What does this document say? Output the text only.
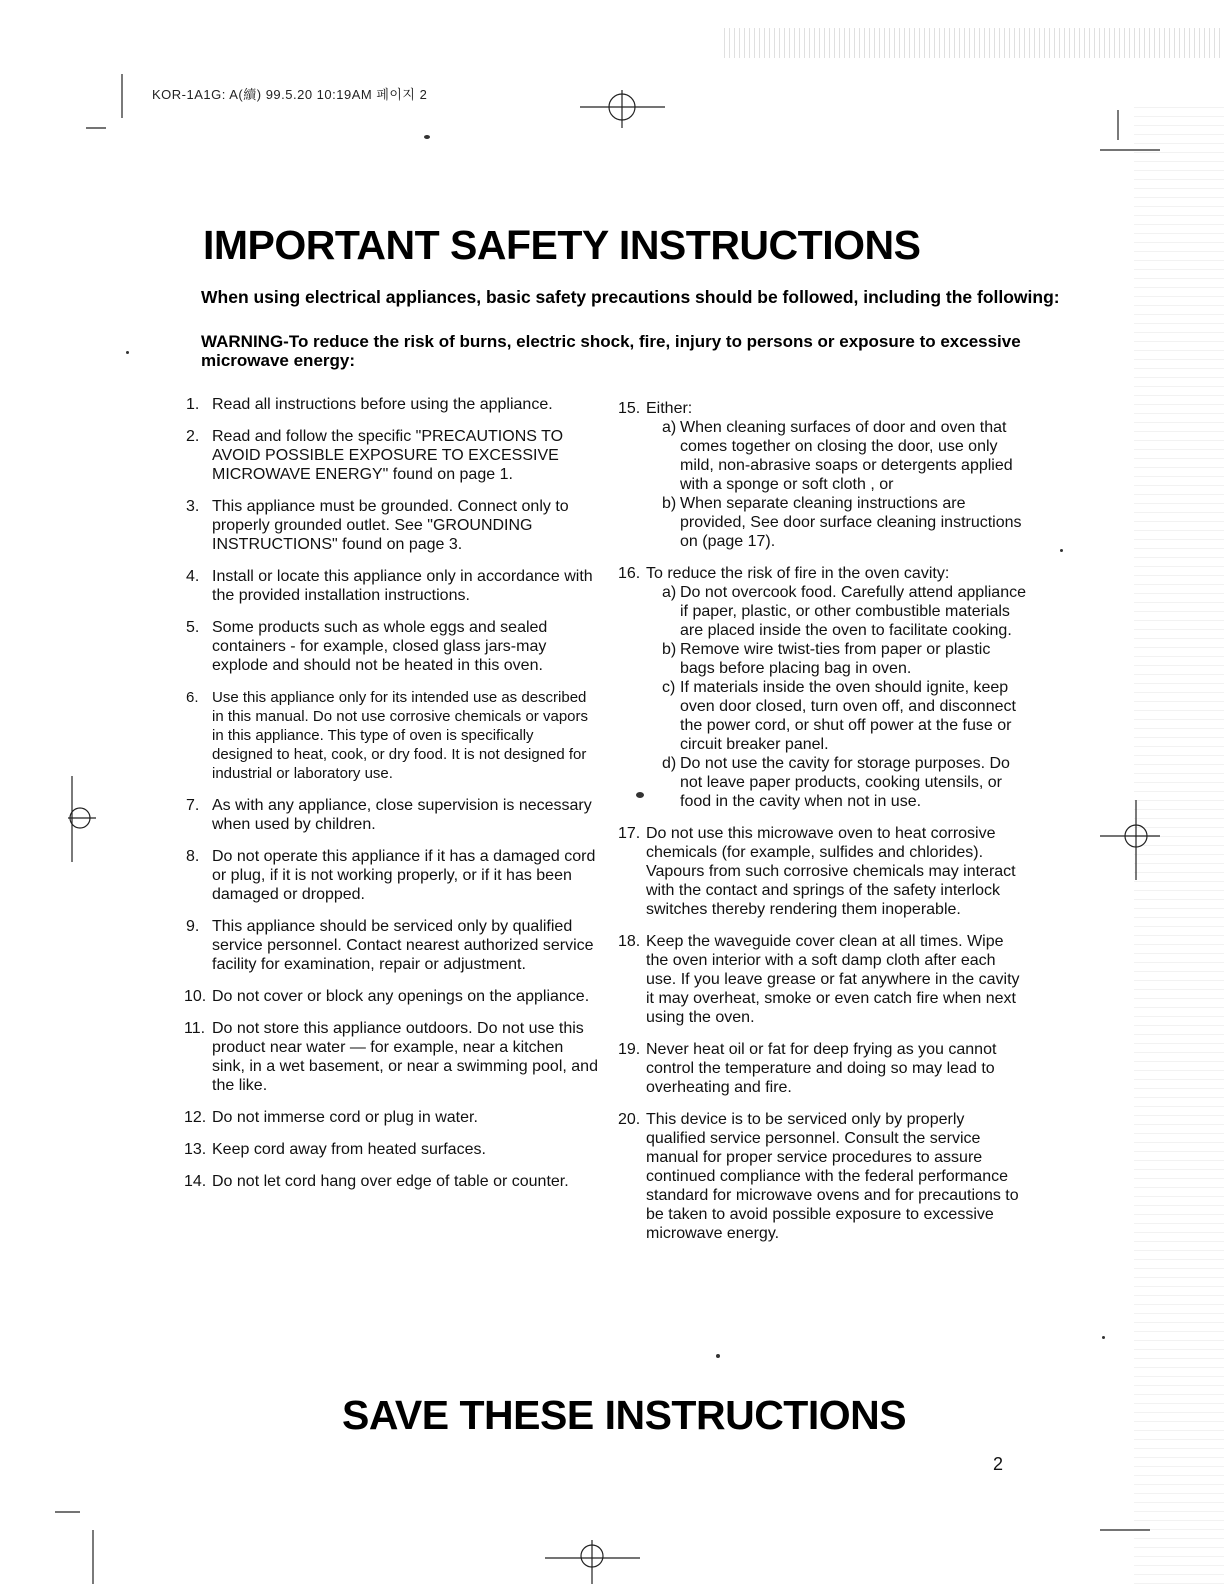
KOR-1A1G: A(續) 99.5.20 10:19AM 페이지 2
IMPORTANT SAFETY INSTRUCTIONS
When using electrical appliances, basic safety precautions should be followed, including the following:
WARNING-To reduce the risk of burns, electric shock, fire, injury to persons or exposure to excessive microwave energy:
1. Read all instructions before using the appliance.
2. Read and follow the specific "PRECAUTIONS TO AVOID POSSIBLE EXPOSURE TO EXCESSIVE MICROWAVE ENERGY" found on page 1.
3. This appliance must be grounded. Connect only to properly grounded outlet. See "GROUNDING INSTRUCTIONS" found on page 3.
4. Install or locate this appliance only in accordance with the provided installation instructions.
5. Some products such as whole eggs and sealed containers - for example, closed glass jars-may explode and should not be heated in this oven.
6. Use this appliance only for its intended use as described in this manual. Do not use corrosive chemicals or vapors in this appliance. This type of oven is specifically designed to heat, cook, or dry food. It is not designed for industrial or laboratory use.
7. As with any appliance, close supervision is necessary when used by children.
8. Do not operate this appliance if it has a damaged cord or plug, if it is not working properly, or if it has been damaged or dropped.
9. This appliance should be serviced only by qualified service personnel. Contact nearest authorized service facility for examination, repair or adjustment.
10. Do not cover or block any openings on the appliance.
11. Do not store this appliance outdoors. Do not use this product near water — for example, near a kitchen sink, in a wet basement, or near a swimming pool, and the like.
12. Do not immerse cord or plug in water.
13. Keep cord away from heated surfaces.
14. Do not let cord hang over edge of table or counter.
15. Either:
a) When cleaning surfaces of door and oven that comes together on closing the door, use only mild, non-abrasive soaps or detergents applied with a sponge or soft cloth , or
b) When separate cleaning instructions are provided, See door surface cleaning instructions on (page 17).
16. To reduce the risk of fire in the oven cavity:
a) Do not overcook food. Carefully attend appliance if paper, plastic, or other combustible materials are placed inside the oven to facilitate cooking.
b) Remove wire twist-ties from paper or plastic bags before placing bag in oven.
c) If materials inside the oven should ignite, keep oven door closed, turn oven off, and disconnect the power cord, or shut off power at the fuse or circuit breaker panel.
d) Do not use the cavity for storage purposes. Do not leave paper products, cooking utensils, or food in the cavity when not in use.
17. Do not use this microwave oven to heat corrosive chemicals (for example, sulfides and chlorides). Vapours from such corrosive chemicals may interact with the contact and springs of the safety interlock switches thereby rendering them inoperable.
18. Keep the waveguide cover clean at all times. Wipe the oven interior with a soft damp cloth after each use. If you leave grease or fat anywhere in the cavity it may overheat, smoke or even catch fire when next using the oven.
19. Never heat oil or fat for deep frying as you cannot control the temperature and doing so may lead to overheating and fire.
20. This device is to be serviced only by properly qualified service personnel. Consult the service manual for proper service procedures to assure continued compliance with the federal performance standard for microwave ovens and for precautions to be taken to avoid possible exposure to excessive microwave energy.
SAVE THESE INSTRUCTIONS
2
